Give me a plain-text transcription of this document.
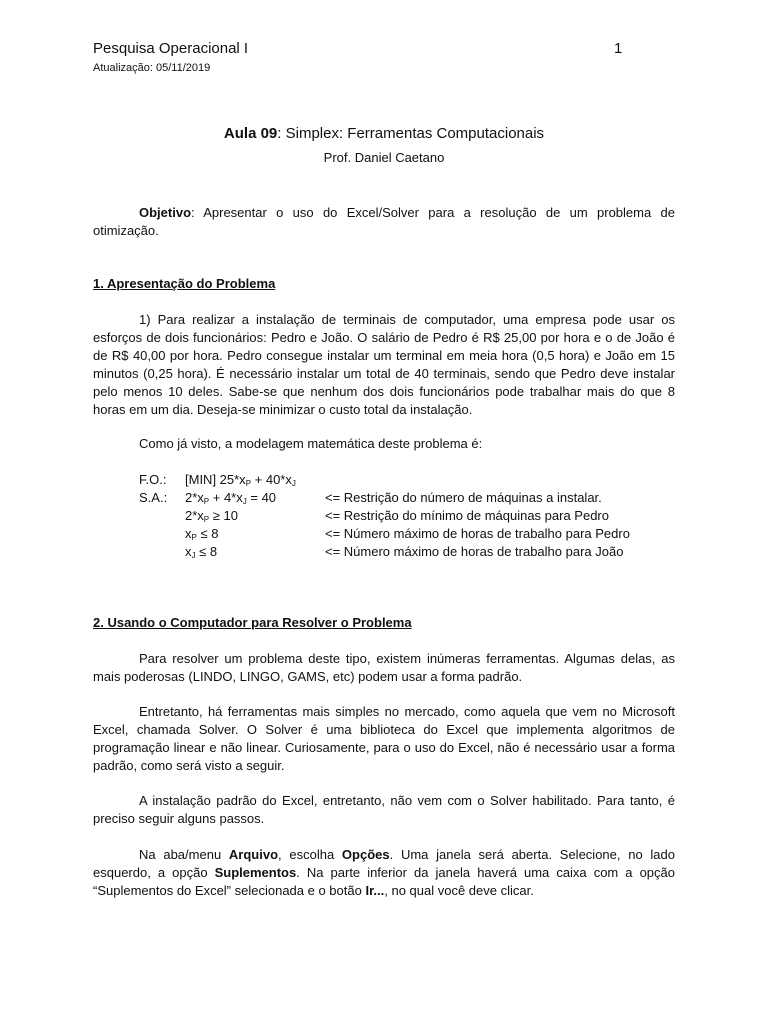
Pesquisa Operacional I	1
Atualização: 05/11/2019
Aula 09: Simplex: Ferramentas Computacionais
Prof. Daniel Caetano
Objetivo: Apresentar o uso do Excel/Solver para a resolução de um problema de otimização.
1. Apresentação do Problema
1) Para realizar a instalação de terminais de computador, uma empresa pode usar os esforços de dois funcionários: Pedro e João. O salário de Pedro é R$ 25,00 por hora e o de João é de R$ 40,00 por hora. Pedro consegue instalar um terminal em meia hora (0,5 hora) e João em 15 minutos (0,25 hora). É necessário instalar um total de 40 terminais, sendo que Pedro deve instalar pelo menos 10 deles. Sabe-se que nenhum dos dois funcionários pode trabalhar mais do que 8 horas em um dia. Deseja-se minimizar o custo total da instalação.
Como já visto, a modelagem matemática deste problema é:
F.O.: [MIN] $25*x_P + 40*x_J$
S.A.: $2*x_P + 4*x_J = 40$	<= Restrição do número de máquinas a instalar.
$2*x_P \ge 10$	<= Restrição do mínimo de máquinas para Pedro
$x_P \le 8$	<= Número máximo de horas de trabalho para Pedro
$x_J \le 8$	<= Número máximo de horas de trabalho para João
2. Usando o Computador para Resolver o Problema
Para resolver um problema deste tipo, existem inúmeras ferramentas. Algumas delas, as mais poderosas (LINDO, LINGO, GAMS, etc) podem usar a forma padrão.
Entretanto, há ferramentas mais simples no mercado, como aquela que vem no Microsoft Excel, chamada Solver. O Solver é uma biblioteca do Excel que implementa algoritmos de programação linear e não linear. Curiosamente, para o uso do Excel, não é necessário usar a forma padrão, como será visto a seguir.
A instalação padrão do Excel, entretanto, não vem com o Solver habilitado. Para tanto, é preciso seguir alguns passos.
Na aba/menu Arquivo, escolha Opções. Uma janela será aberta. Selecione, no lado esquerdo, a opção Suplementos. Na parte inferior da janela haverá uma caixa com a opção “Suplementos do Excel” selecionada e o botão Ir..., no qual você deve clicar.
